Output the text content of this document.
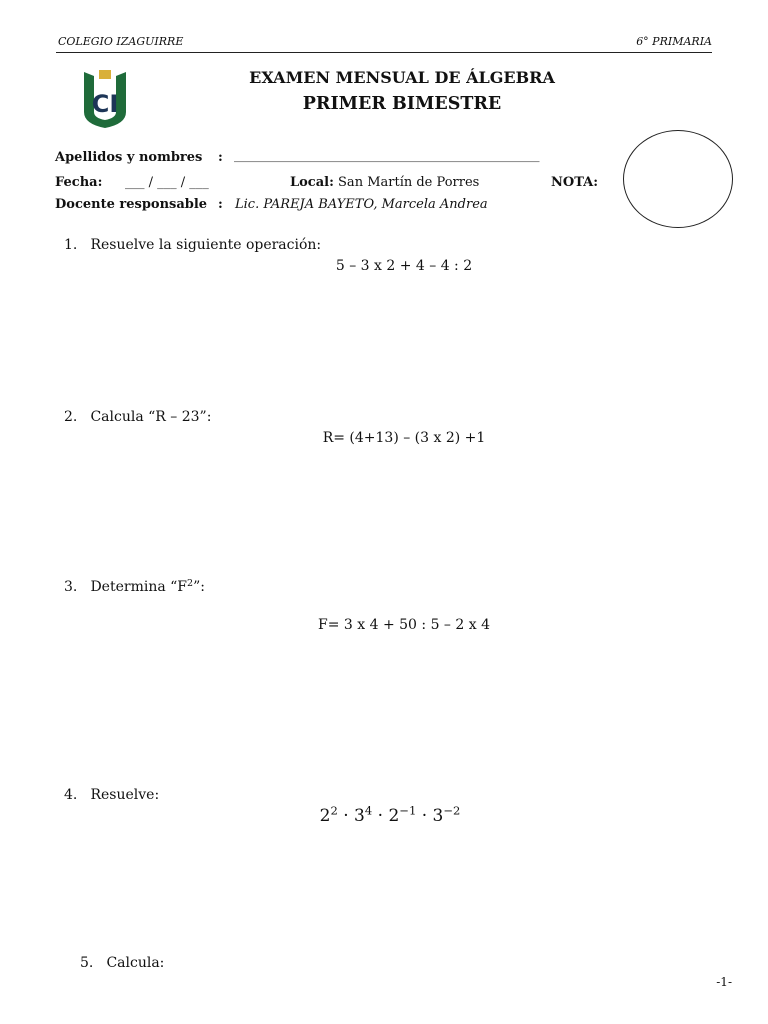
COLEGIO IZAGUIRRE	6° PRIMARIA
CI
EXAMEN MENSUAL DE ÁLGEBRA
PRIMER BIMESTRE
Apellidos y nombres : _______________________________________________
Fecha: ___ / ___ / ___	Local: San Martín de Porres	NOTA:
Docente responsable : Lic. PAREJA BAYETO, Marcela Andrea
1. Resuelve la siguiente operación:
5 – 3 x 2 + 4 – 4 : 2
2. Calcula “R – 23”:
R= (4+13) – (3 x 2) +1
3. Determina “$F^2$”:
F= 3 x 4 + 50 : 5 – 2 x 4
4. Resuelve:
$2^2 \cdot 3^4 \cdot 2^{-1} \cdot 3^{-2}$
5. Calcula:
-1-
